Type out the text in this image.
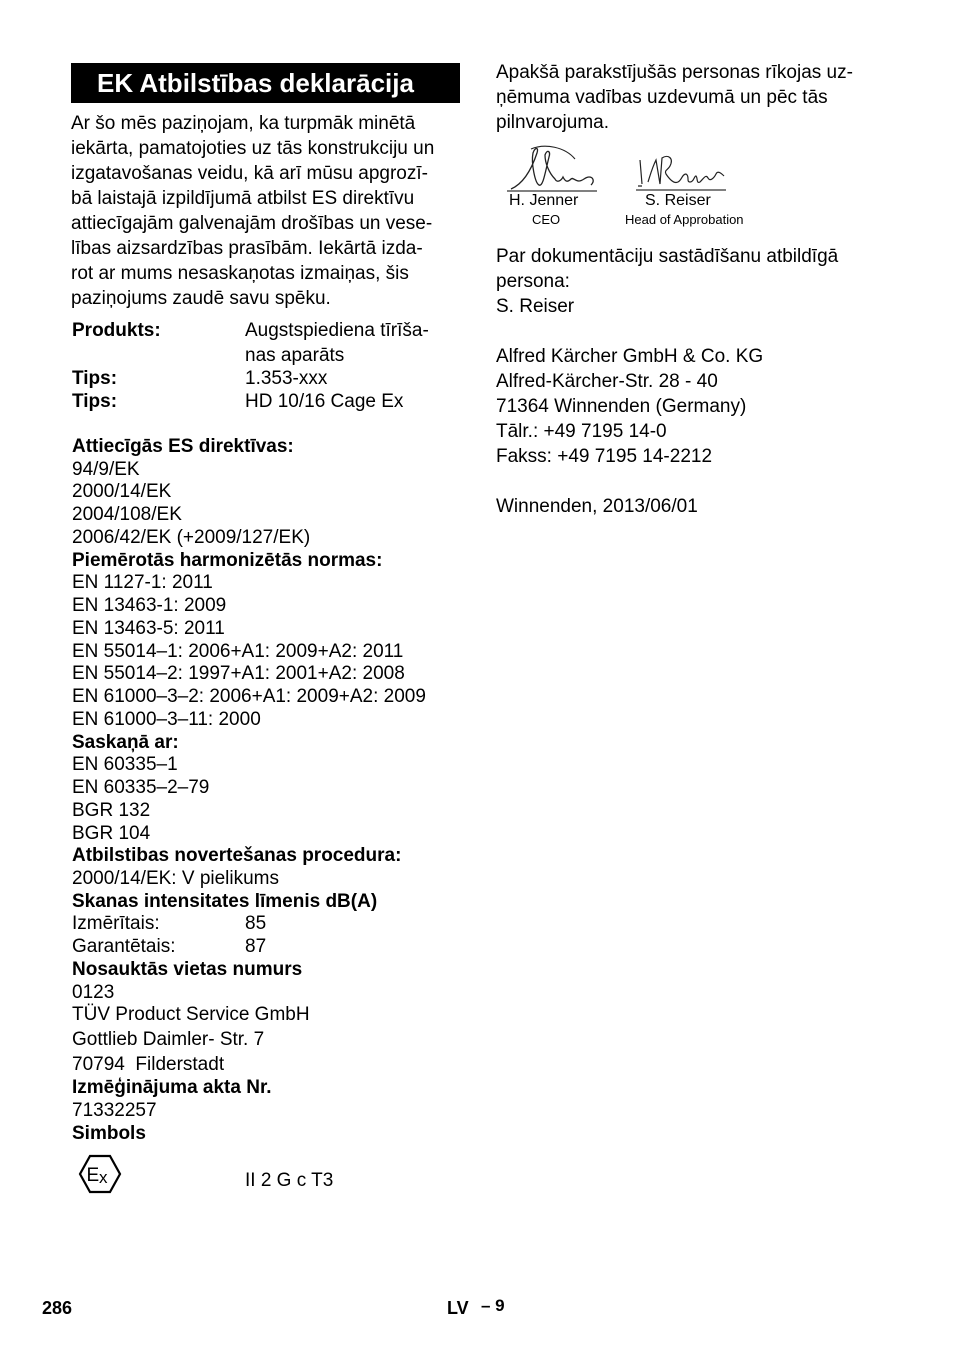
EK Atbilstības deklarācija
Ar šo mēs paziņojam, ka turpmāk minētā
iekārta, pamatojoties uz tās konstrukciju un
izgatavošanas veidu, kā arī mūsu apgrozī-
bā laistajā izpildījumā atbilst ES direktīvu
attiecīgajām galvenajām drošības un vese-
lības aizsardzības prasībām. Iekārtā izda-
rot ar mums nesaskaņotas izmaiņas, šis
paziņojums zaudē savu spēku.
Produkts:	Augstspiediena tīrīša-
nas aparāts
Tips:	1.353-xxx
Tips:	HD 10/16 Cage Ex
Attiecīgās ES direktīvas:
94/9/EK
2000/14/EK
2004/108/EK
2006/42/EK (+2009/127/EK)
Piemērotās harmonizētās normas:
EN 1127-1: 2011
EN 13463-1: 2009
EN 13463-5: 2011
EN 55014–1: 2006+A1: 2009+A2: 2011
EN 55014–2: 1997+A1: 2001+A2: 2008
EN 61000–3–2: 2006+A1: 2009+A2: 2009
EN 61000–3–11: 2000
Saskaņā ar:
EN 60335–1
EN 60335–2–79
BGR 132
BGR 104
Atbilstibas novertešanas procedura:
2000/14/EK: V pielikums
Skanas intensitates līmenis dB(A)
Izmērītais:	85
Garantētais:	87
Nosauktās vietas numurs
0123
TÜV Product Service GmbH
Gottlieb Daimler- Str. 7
70794  Filderstadt
Izmēģinājuma akta Nr.
71332257
Simbols
E x	II 2 G c T3
Apakšā parakstījušās personas rīkojas uz-
ņēmuma vadības uzdevumā un pēc tās
pilnvarojuma.
H. Jenner
CEO
S. Reiser
Head of Approbation
Par dokumentāciju sastādīšanu atbildīgā
persona:
S. Reiser
Alfred Kärcher GmbH & Co. KG
Alfred-Kärcher-Str. 28 - 40
71364 Winnenden (Germany)
Tālr.: +49 7195 14-0
Fakss: +49 7195 14-2212
Winnenden, 2013/06/01
286	LV – 9
